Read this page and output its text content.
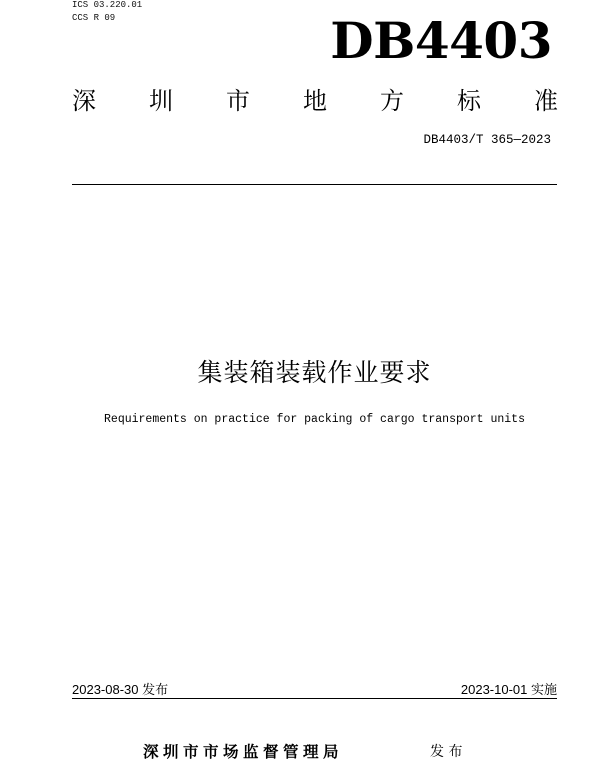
ICS 03.220.01
CCS R 09	DB4403
深 圳 市 地 方 标 准
DB4403/T 365—2023
集装箱装载作业要求
Requirements on practice for packing of cargo transport units
2023-08-30 发布	2023-10-01 实施
深圳市市场监督管理局	发 布
